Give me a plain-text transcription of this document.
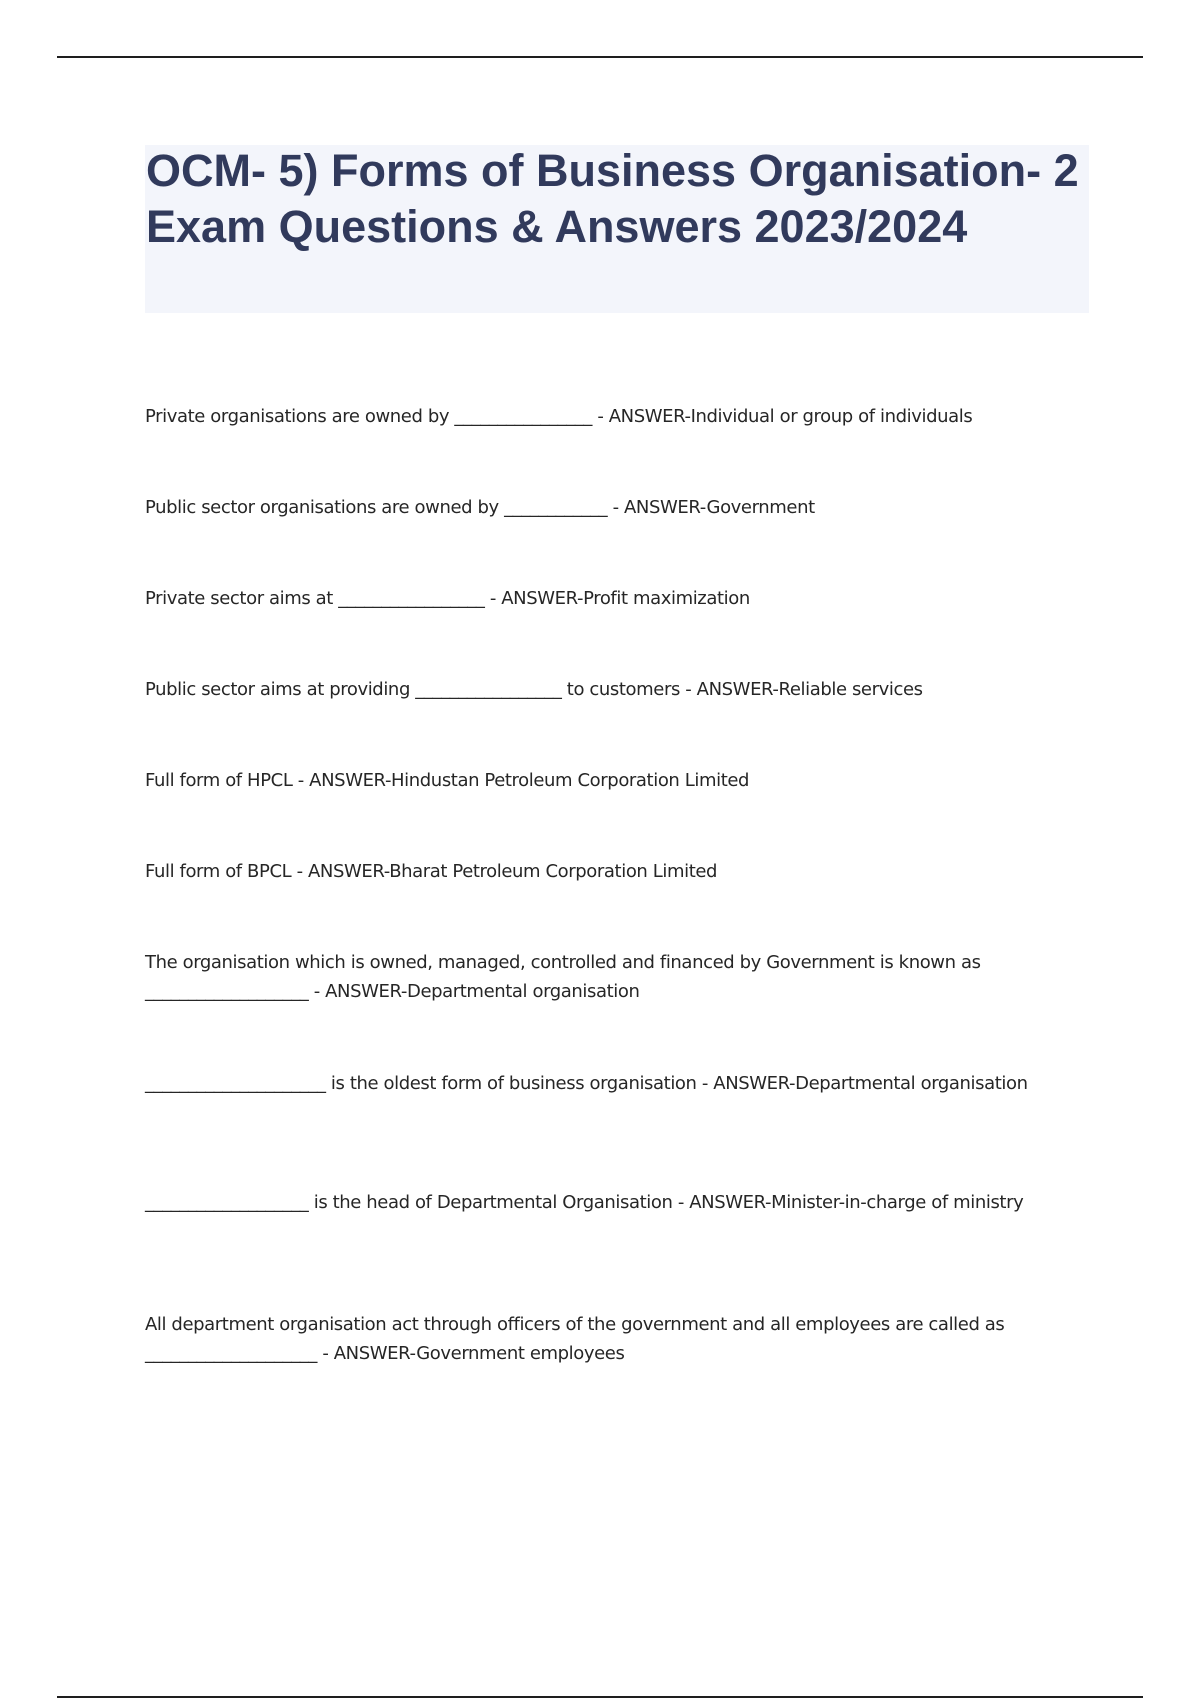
OCM- 5) Forms of Business Organisation- 2 Exam Questions & Answers 2023/2024
Private organisations are owned by ________________ - ANSWER-Individual or group of individuals
Public sector organisations are owned by ____________ - ANSWER-Government
Private sector aims at _________________ - ANSWER-Profit maximization
Public sector aims at providing _________________ to customers - ANSWER-Reliable services
Full form of HPCL - ANSWER-Hindustan Petroleum Corporation Limited
Full form of BPCL - ANSWER-Bharat Petroleum Corporation Limited
The organisation which is owned, managed, controlled and financed by Government is known as ___________________ - ANSWER-Departmental organisation
_____________________ is the oldest form of business organisation - ANSWER-Departmental organisation
___________________ is the head of Departmental Organisation - ANSWER-Minister-in-charge of ministry
All department organisation act through officers of the government and all employees are called as ____________________ - ANSWER-Government employees
